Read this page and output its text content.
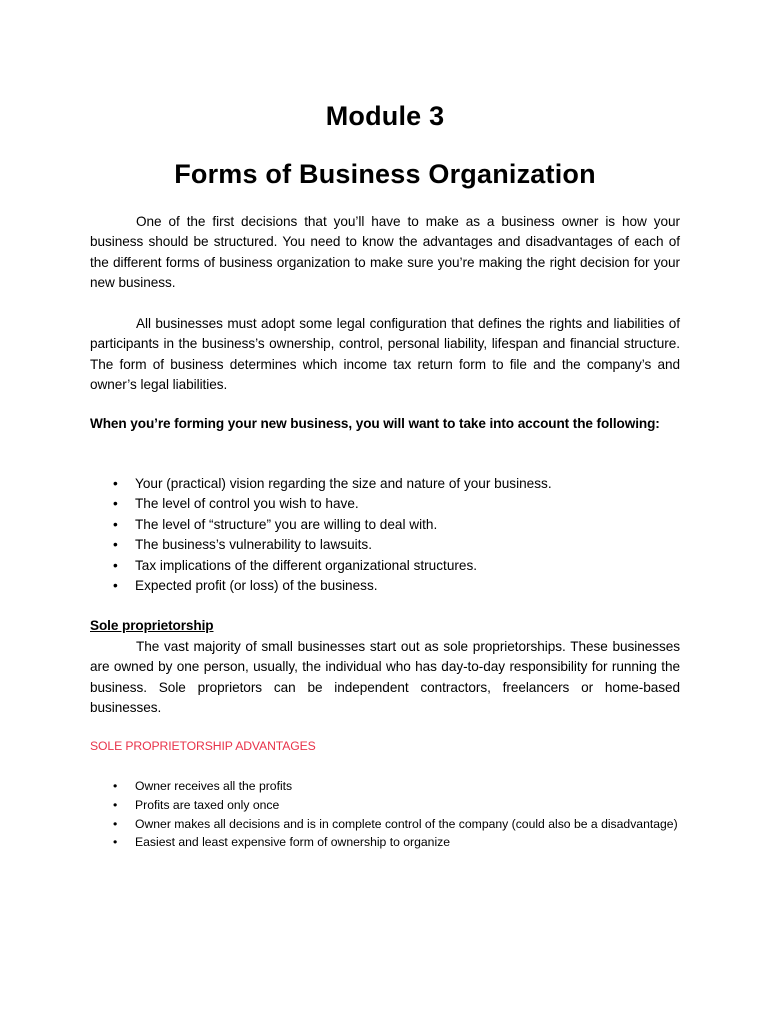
Module 3
Forms of Business Organization

One of the first decisions that you’ll have to make as a business owner is how your business should be structured. You need to know the advantages and disadvantages of each of the different forms of business organization to make sure you’re making the right decision for your new business.

All businesses must adopt some legal configuration that defines the rights and liabilities of participants in the business’s ownership, control, personal liability, lifespan and financial structure. The form of business determines which income tax return form to file and the company’s and owner’s legal liabilities.

When you’re forming your new business, you will want to take into account the following:

• Your (practical) vision regarding the size and nature of your business.
• The level of control you wish to have.
• The level of “structure” you are willing to deal with.
• The business’s vulnerability to lawsuits.
• Tax implications of the different organizational structures.
• Expected profit (or loss) of the business.

Sole proprietorship

The vast majority of small businesses start out as sole proprietorships. These businesses are owned by one person, usually, the individual who has day-to-day responsibility for running the business. Sole proprietors can be independent contractors, freelancers or home-based businesses.

SOLE PROPRIETORSHIP ADVANTAGES

• Owner receives all the profits
• Profits are taxed only once
• Owner makes all decisions and is in complete control of the company (could also be a disadvantage)
• Easiest and least expensive form of ownership to organize
